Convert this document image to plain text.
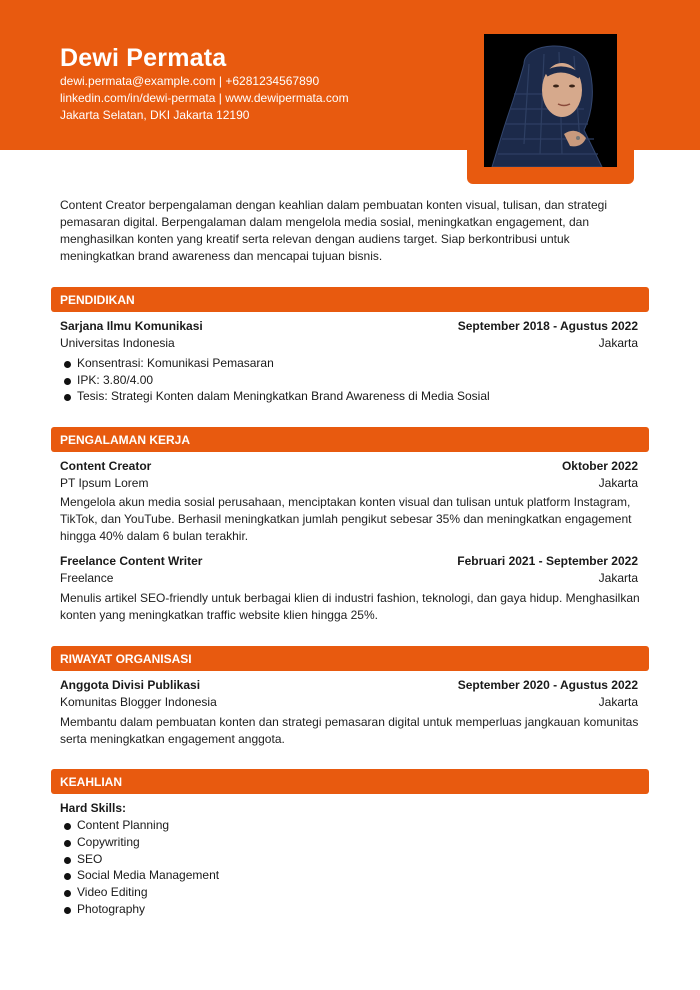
Dewi Permata
dewi.permata@example.com | +6281234567890
linkedin.com/in/dewi-permata | www.dewipermata.com
Jakarta Selatan, DKI Jakarta 12190
Content Creator berpengalaman dengan keahlian dalam pembuatan konten visual, tulisan, dan strategi pemasaran digital. Berpengalaman dalam mengelola media sosial, meningkatkan engagement, dan menghasilkan konten yang kreatif serta relevan dengan audiens target. Siap berkontribusi untuk meningkatkan brand awareness dan mencapai tujuan bisnis.
PENDIDIKAN
Sarjana Ilmu Komunikasi	September 2018 - Agustus 2022
Universitas Indonesia	Jakarta
Konsentrasi: Komunikasi Pemasaran
IPK: 3.80/4.00
Tesis: Strategi Konten dalam Meningkatkan Brand Awareness di Media Sosial
PENGALAMAN KERJA
Content Creator	Oktober 2022
PT Ipsum Lorem	Jakarta
Mengelola akun media sosial perusahaan, menciptakan konten visual dan tulisan untuk platform Instagram, TikTok, dan YouTube. Berhasil meningkatkan jumlah pengikut sebesar 35% dan meningkatkan engagement hingga 40% dalam 6 bulan terakhir.
Freelance Content Writer	Februari 2021 - September 2022
Freelance	Jakarta
Menulis artikel SEO-friendly untuk berbagai klien di industri fashion, teknologi, dan gaya hidup. Menghasilkan konten yang meningkatkan traffic website klien hingga 25%.
RIWAYAT ORGANISASI
Anggota Divisi Publikasi	September 2020 - Agustus 2022
Komunitas Blogger Indonesia	Jakarta
Membantu dalam pembuatan konten dan strategi pemasaran digital untuk memperluas jangkauan komunitas serta meningkatkan engagement anggota.
KEAHLIAN
Hard Skills:
Content Planning
Copywriting
SEO
Social Media Management
Video Editing
Photography
